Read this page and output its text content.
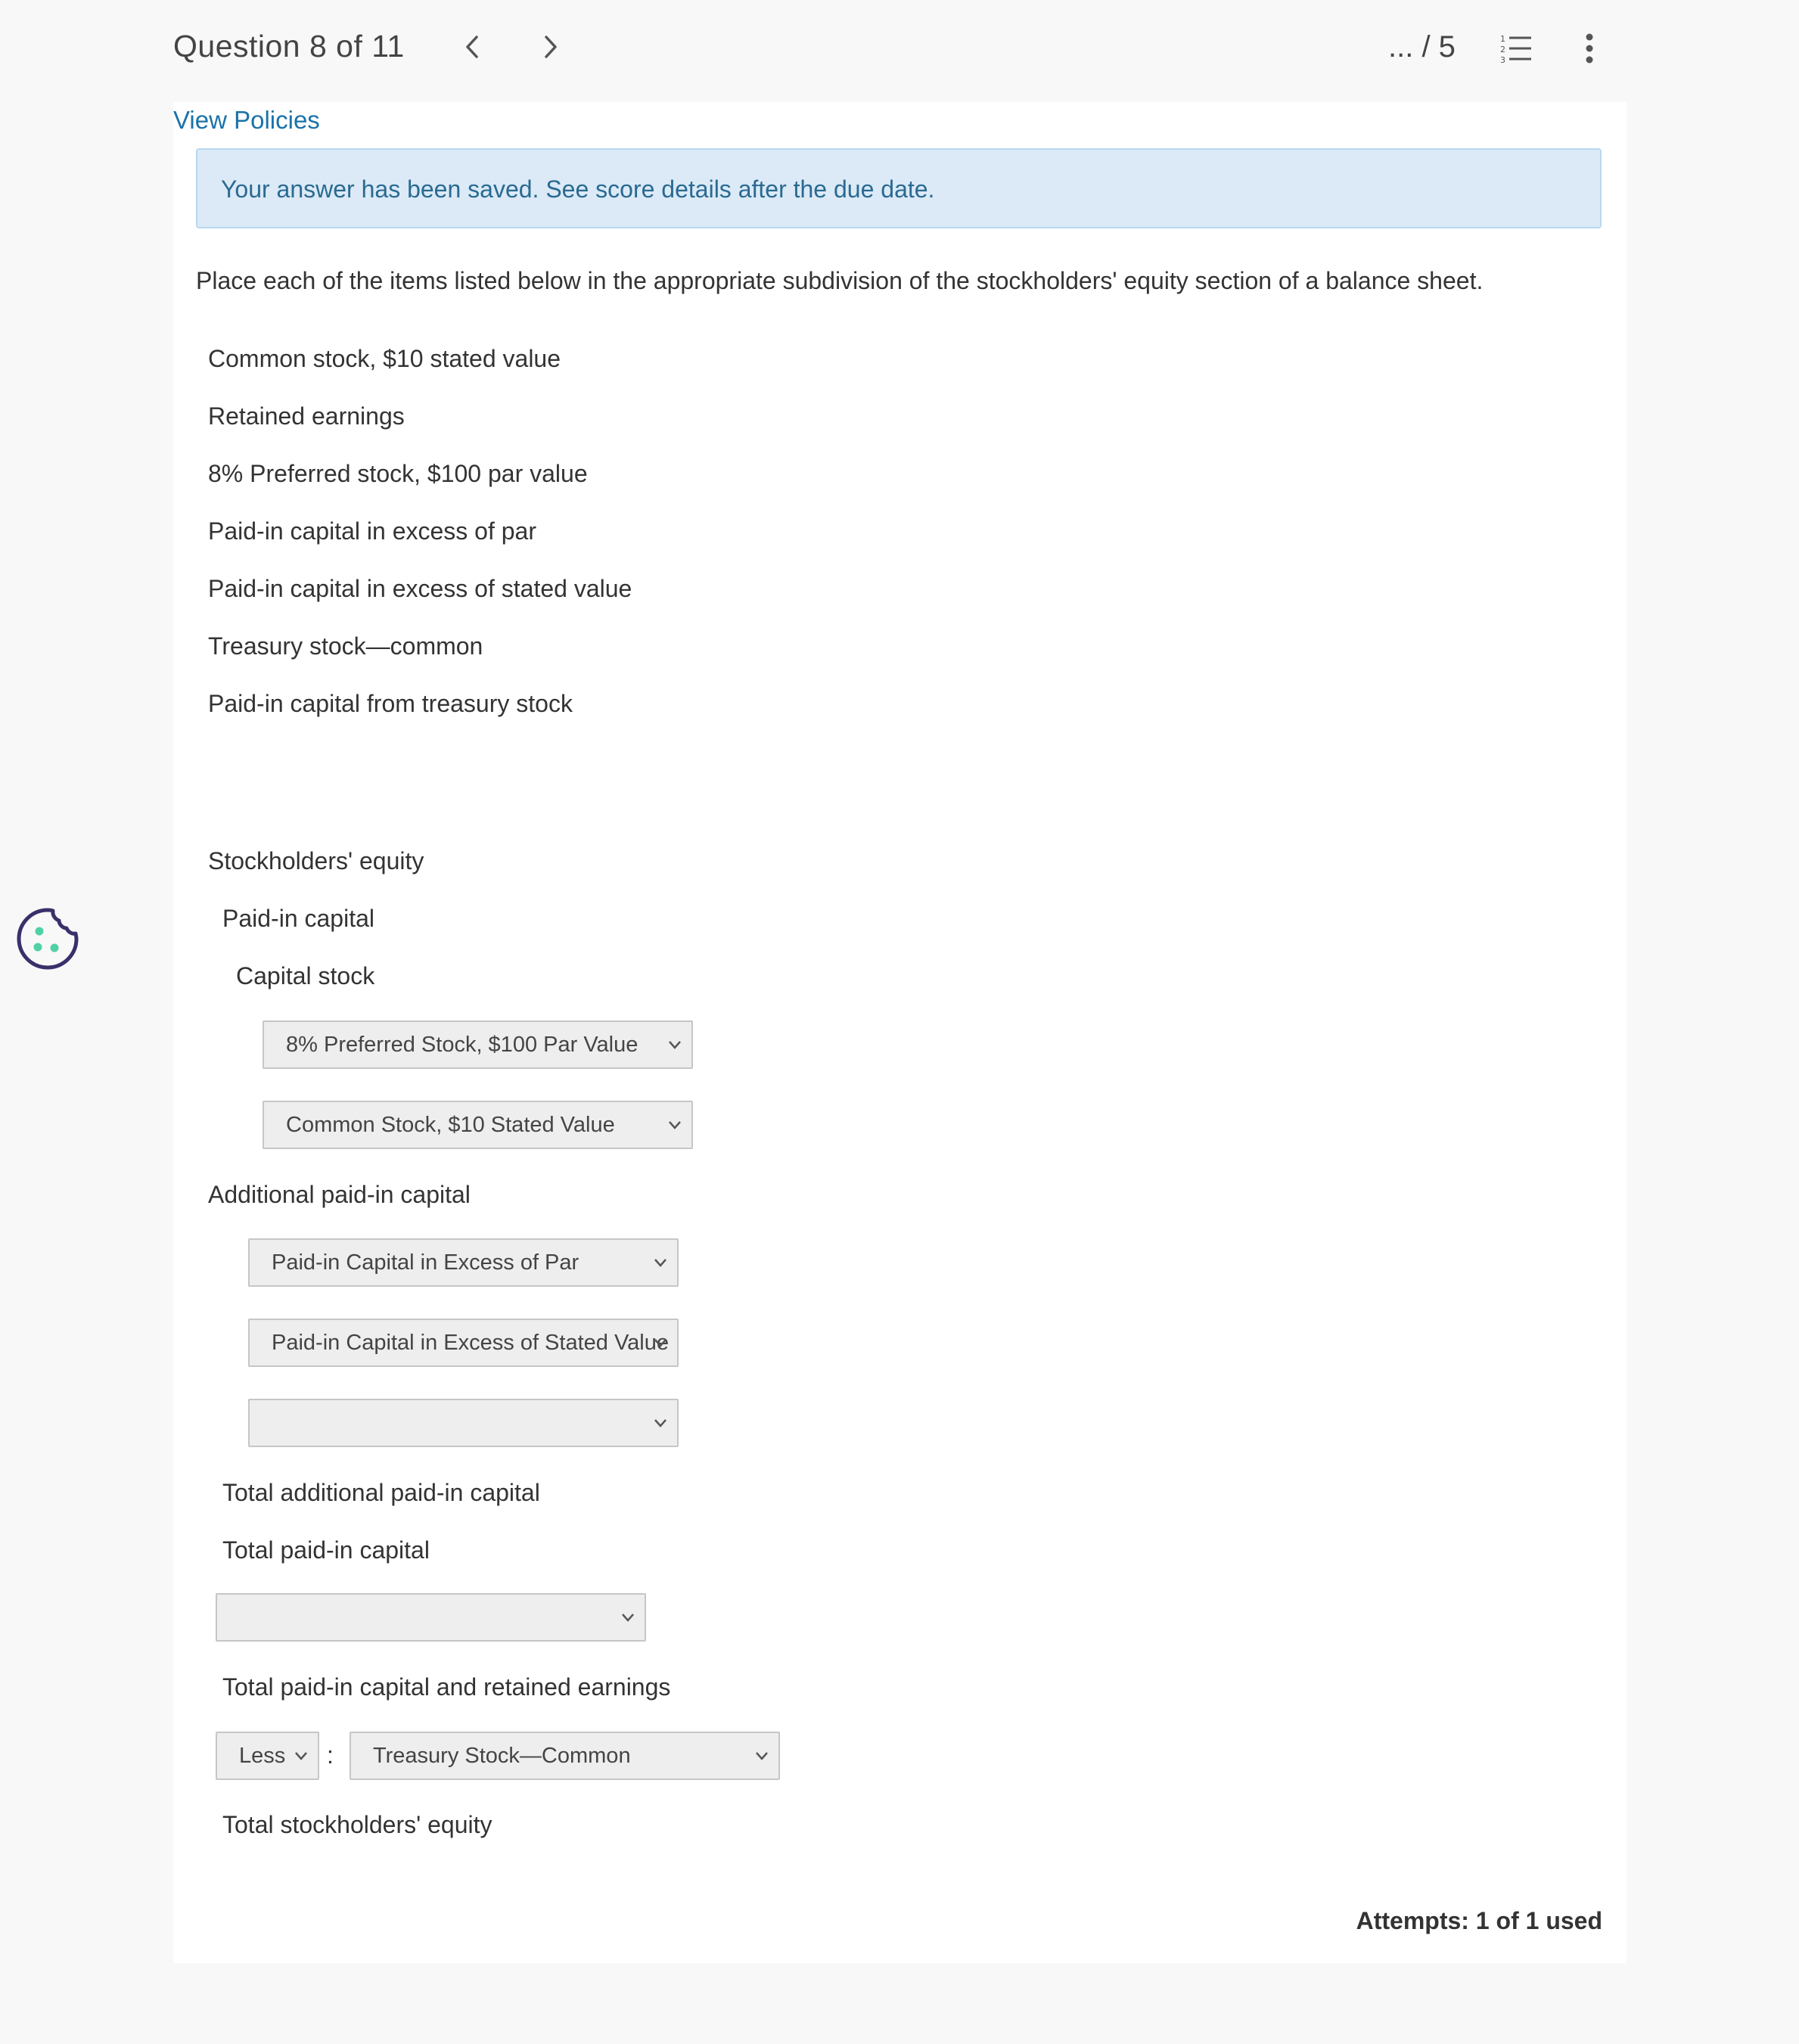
Question 8 of 11	... / 5	1
2
3
View Policies
Your answer has been saved. See score details after the due date.
Place each of the items listed below in the appropriate subdivision of the stockholders' equity section of a balance sheet.
Common stock, $10 stated value
Retained earnings
8% Preferred stock, $100 par value
Paid-in capital in excess of par
Paid-in capital in excess of stated value
Treasury stock—common
Paid-in capital from treasury stock
Stockholders' equity
Paid-in capital
Capital stock
8% Preferred Stock, $100 Par Value
Common Stock, $10 Stated Value
Additional paid-in capital
Paid-in Capital in Excess of Par
Paid-in Capital in Excess of Stated Value
Total additional paid-in capital
Total paid-in capital
Total paid-in capital and retained earnings
Less : Treasury Stock—Common
Total stockholders' equity
Attempts: 1 of 1 used
